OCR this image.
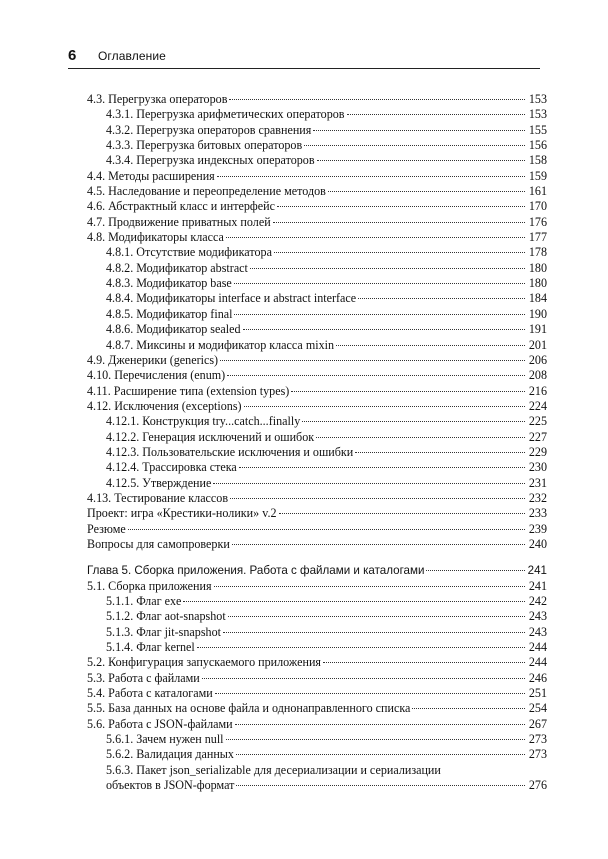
6 Оглавление
4.3. Перегрузка операторов	153
4.3.1. Перегрузка арифметических операторов	153
4.3.2. Перегрузка операторов сравнения	155
4.3.3. Перегрузка битовых операторов	156
4.3.4. Перегрузка индексных операторов	158
4.4. Методы расширения	159
4.5. Наследование и переопределение методов	161
4.6. Абстрактный класс и интерфейс	170
4.7. Продвижение приватных полей	176
4.8. Модификаторы класса	177
4.8.1. Отсутствие модификатора	178
4.8.2. Модификатор abstract	180
4.8.3. Модификатор base	180
4.8.4. Модификаторы interface и abstract interface	184
4.8.5. Модификатор final	190
4.8.6. Модификатор sealed	191
4.8.7. Миксины и модификатор класса mixin	201
4.9. Дженерики (generics)	206
4.10. Перечисления (enum)	208
4.11. Расширение типа (extension types)	216
4.12. Исключения (exceptions)	224
4.12.1. Конструкция try...catch...finally	225
4.12.2. Генерация исключений и ошибок	227
4.12.3. Пользовательские исключения и ошибки	229
4.12.4. Трассировка стека	230
4.12.5. Утверждение	231
4.13. Тестирование классов	232
Проект: игра «Крестики-нолики» v.2	233
Резюме	239
Вопросы для самопроверки	240
Глава 5. Сборка приложения. Работа с файлами и каталогами	241
5.1. Сборка приложения	241
5.1.1. Флаг exe	242
5.1.2. Флаг aot-snapshot	243
5.1.3. Флаг jit-snapshot	243
5.1.4. Флаг kernel	244
5.2. Конфигурация запускаемого приложения	244
5.3. Работа с файлами	246
5.4. Работа с каталогами	251
5.5. База данных на основе файла и однонаправленного списка	254
5.6. Работа с JSON-файлами	267
5.6.1. Зачем нужен null	273
5.6.2. Валидация данных	273
5.6.3. Пакет json_serializable для десериализации и сериализации
объектов в JSON-формат	276
